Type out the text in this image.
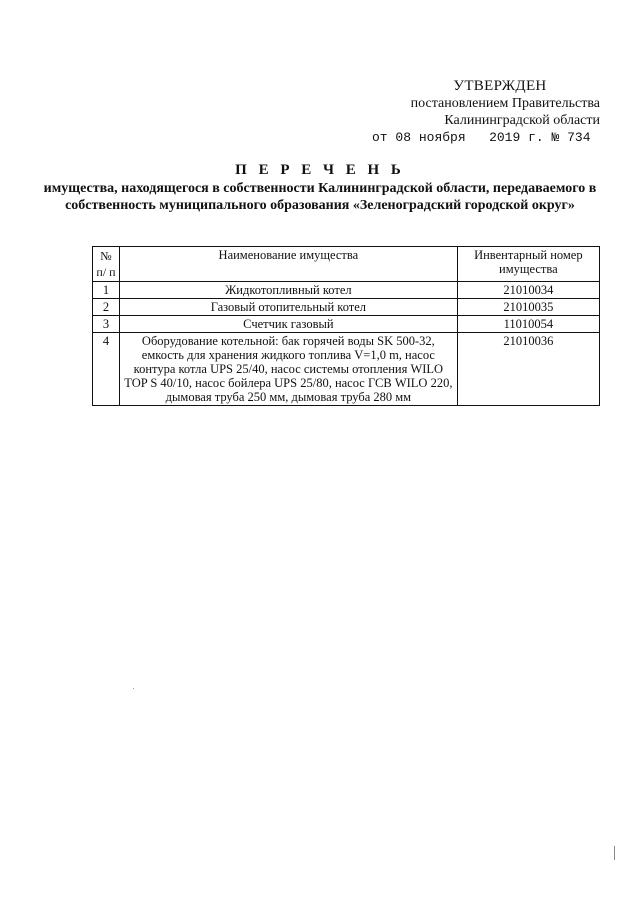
УТВЕРЖДЕН
постановлением Правительства
Калининградской области
от 08 ноября 2019 г. № 734
П Е Р Е Ч Е Н Ь
имущества, находящегося в собственности Калининградской области, передаваемого в собственность муниципального образования «Зеленоградский городской округ»
№ п/ п	Наименование имущества	Инвентарный номер имущества
1	Жидкотопливный котел	21010034
2	Газовый отопительный котел	21010035
3	Счетчик газовый	11010054
4	Оборудование котельной: бак горячей воды SK 500-32, емкость для хранения жидкого топлива V=1,0 m, насос контура котла UPS 25/40, насос системы отопления WILO TOP S 40/10, насос бойлера UPS 25/80, насос ГСВ WILO 220, дымовая труба 250 мм, дымовая труба 280 мм	21010036
